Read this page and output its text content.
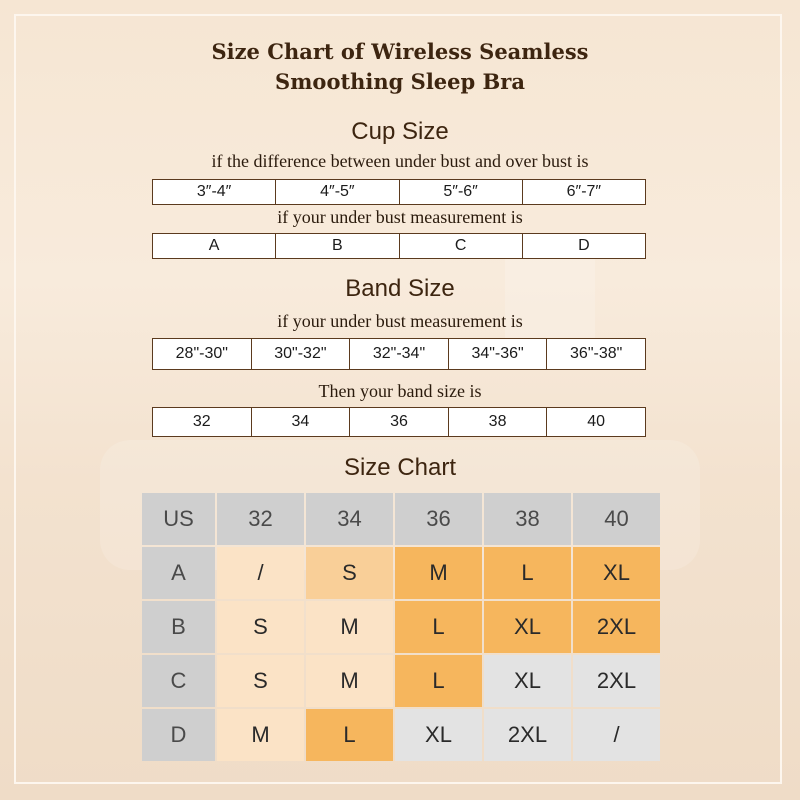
Size Chart of Wireless Seamless
Smoothing Sleep Bra
Cup Size
if the difference between under bust and over bust is
3″-4″	4″-5″	5″-6″	6″-7″
if your under bust measurement is
A	B	C	D
Band Size
if your under bust measurement is
28"-30"	30"-32"	32"-34"	34"-36"	36"-38"
Then your band size is
32	34	36	38	40
Size Chart
US	32	34	36	38	40
A	/	S	M	L	XL
B	S	M	L	XL	2XL
C	S	M	L	XL	2XL
D	M	L	XL	2XL	/
